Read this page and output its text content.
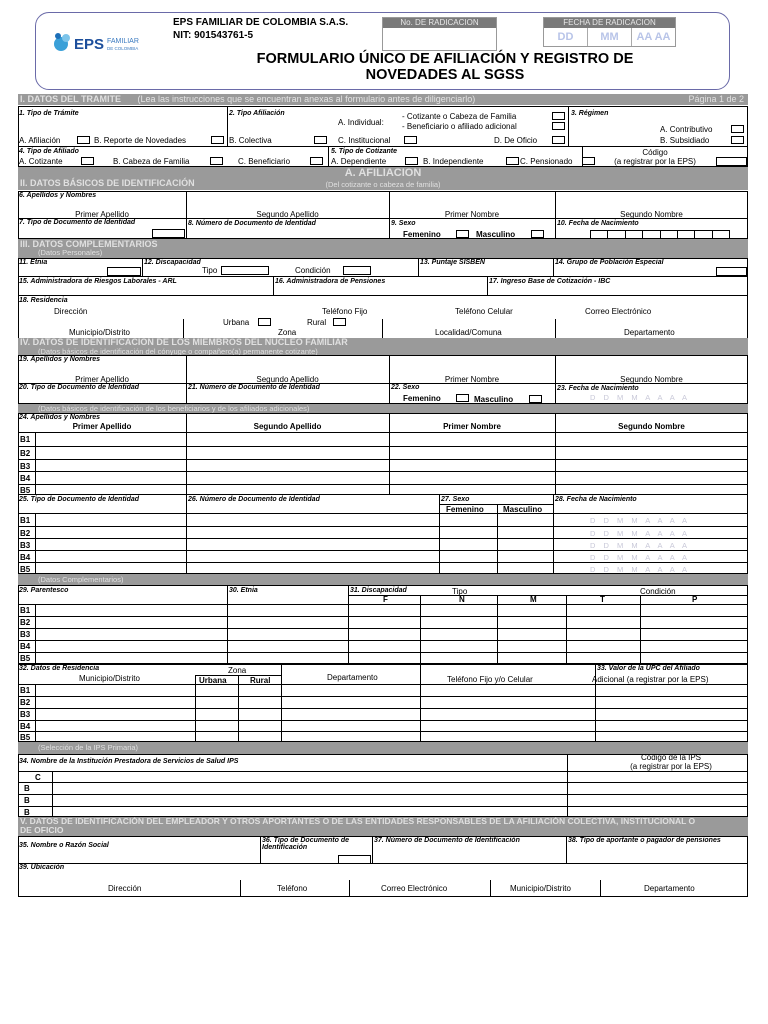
EPS FAMILIAR
DE COLOMBIA
EPS FAMILIAR DE COLOMBIA S.A.S.
NIT: 901543761-5
No. DE RADICACION	FECHA DE RADICACION
DD	MM	AA AA
FORMULARIO ÚNICO DE AFILIACIÓN Y REGISTRO DE
NOVEDADES AL SGSS
I. DATOS DEL TRAMITE (Lea las instrucciones que se encuentran anexas al formulario antes de diligenciarlo)	Página 1 de 2
1. Tipo de Trámite
A. Afiliación	B. Reporte de Novedades
2. Tipo Afiliación
A. Individual:
- Cotizante o Cabeza de Familia
- Beneficiario o afiliado adicional
B. Colectiva	C. Institucional	D. De Oficio
3. Régimen
A. Contributivo
B. Subsidiado
4. Tipo de Afiliado
A. Cotizante	B. Cabeza de Familia	C. Beneficiario
5. Tipo de Cotizante
A. Dependiente	B. Independiente	C. Pensionado
Código
(a registrar por la EPS)
A. AFILIACION
II. DATOS BÁSICOS DE IDENTIFICACIÓN	(Del cotizante o cabeza de familia)
6. Apellidos y Nombres
Primer Apellido	Segundo Apellido	Primer Nombre	Segundo Nombre
7. Tipo de Documento de Identidad	8. Número de Documento de Identidad	9. Sexo
Femenino	Masculino
10. Fecha de Nacimiento
III. DATOS COMPLEMENTARIOS
(Datos Personales)
11. Etnia	12. Discapacidad
Tipo	Condición
13. Puntaje SISBEN	14. Grupo de Población Especial
15. Administradora de Riesgos Laborales - ARL	16. Administradora de Pensiones	17. Ingreso Base de Cotización - IBC
18. Residencia
Dirección	Teléfono Fijo	Teléfono Celular	Correo Electrónico
Urbana	Rural
Municipio/Distrito	Zona	Localidad/Comuna	Departamento
IV. DATOS DE IDENTIFICACIÓN DE LOS MIEMBROS DEL NÚCLEO FAMILIAR
(Datos básicos de identificación del cónyuge o compañero(a) permanente cotizante)
19. Apellidos y Nombres
Primer Apellido	Segundo Apellido	Primer Nombre	Segundo Nombre
20. Tipo de Documento de Identidad	21. Número de Documento de Identidad	22. Sexo
Femenino	Masculino
23. Fecha de Nacimiento
D D M M A A A A
(Datos básicos de identificación de los beneficiarios y de los afiliados adicionales)
24. Apellidos y Nombres
Primer Apellido	Segundo Apellido	Primer Nombre	Segundo Nombre
B1
B2
B3
B4
B5
25. Tipo de Documento de Identidad	26. Número de Documento de Identidad	27. Sexo
Femenino Masculino
28. Fecha de Nacimiento
B1
B2
B3
B4
B5
D D M M A A A A
D D M M A A A A
D D M M A A A A
D D M M A A A A
D D M M A A A A
(Datos Complementarios)
29. Parentesco	30. Etnia	31. Discapacidad	Tipo	Condición
F	N	M	T	P
B1
B2
B3
B4
B5
32. Datos de Residencia	Zona
Municipio/Distrito	Urbana	Rural	Departamento	Teléfono Fijo y/o Celular
33. Valor de la UPC del Afiliado
Adicional (a registrar por la EPS)
B1
B2
B3
B4
B5
(Selección de la IPS Primaria)
34. Nombre de la Institución Prestadora de Servicios de Salud IPS	Código de la IPS
(a registrar por la EPS)
C
B
B
B
V. DATOS DE IDENTIFICACIÓN DEL EMPLEADOR Y OTROS APORTANTES O DE LAS ENTIDADES RESPONSABLES DE LA AFILIACIÓN COLECTIVA, INSTITUCIONAL O
DE OFICIO
35. Nombre o Razón Social
36. Tipo de Documento de
Identificación
37. Número de Documento de Identificación	38. Tipo de aportante o pagador de pensiones
39. Ubicación
Dirección	Teléfono	Correo Electrónico	Municipio/Distrito	Departamento
